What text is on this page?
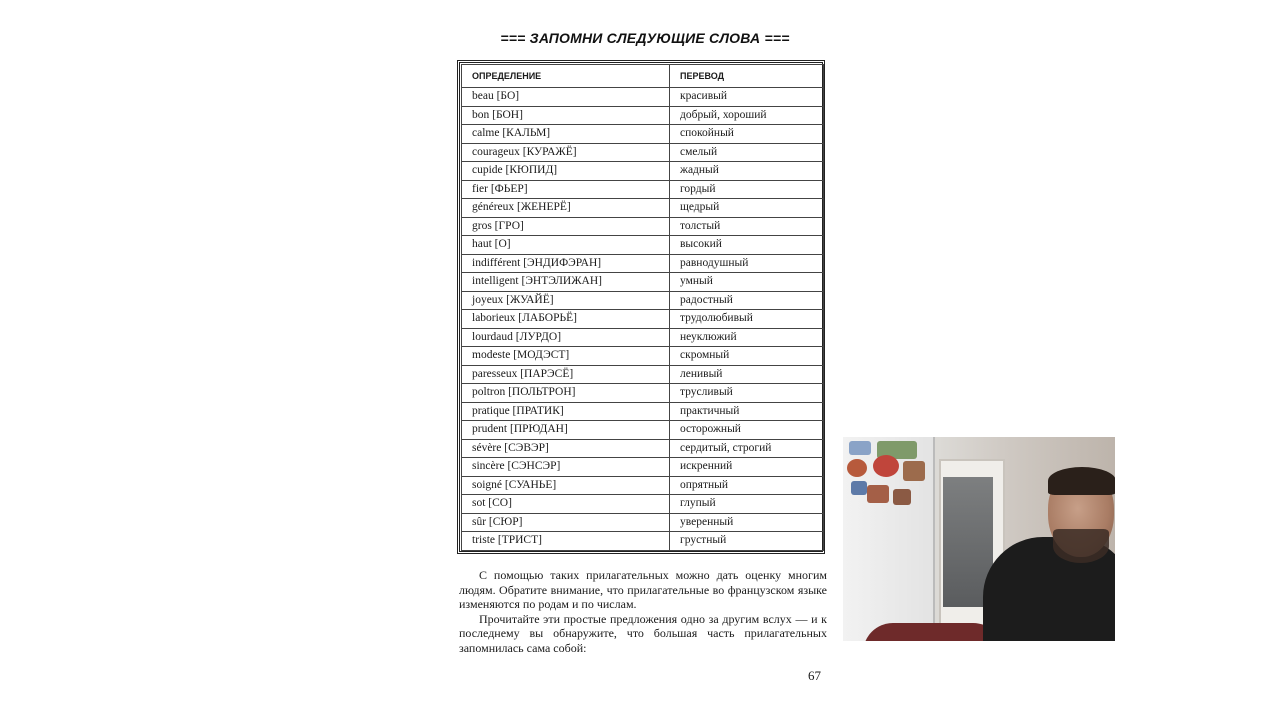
=== ЗАПОМНИ СЛЕДУЮЩИЕ СЛОВА ===
ОПРЕДЕЛЕНИЕ	ПЕРЕВОД
beau [БО]	красивый
bon [БОН]	добрый, хороший
calme [КАЛЬМ]	спокойный
courageux [КУРАЖЁ]	смелый
cupide [КЮПИД]	жадный
fier [ФЬЕР]	гордый
généreux [ЖЕНЕРЁ]	щедрый
gros [ГРО]	толстый
haut [О]	высокий
indifférent [ЭНДИФЭРАН]	равнодушный
intelligent [ЭНТЭЛИЖАН]	умный
joyeux [ЖУАЙЁ]	радостный
laborieux [ЛАБОРЬЁ]	трудолюбивый
lourdaud [ЛУРДО]	неуклюжий
modeste [МОДЭСТ]	скромный
paresseux [ПАРЭСЁ]	ленивый
poltron [ПОЛЬТРОН]	трусливый
pratique [ПРАТИК]	практичный
prudent [ПРЮДАН]	осторожный
sévère [СЭВЭР]	сердитый, строгий
sincère [СЭНСЭР]	искренний
soigné [СУАНЬЕ]	опрятный
sot [СО]	глупый
sûr [СЮР]	уверенный
triste [ТРИСТ]	грустный

С помощью таких прилагательных можно дать оценку многим людям. Обратите внимание, что прилагательные во французском языке изменяются по родам и по числам.

Прочитайте эти простые предложения одно за другим вслух — и к последнему вы обнаружите, что большая часть прилагательных запомнилась сама собой:

67
